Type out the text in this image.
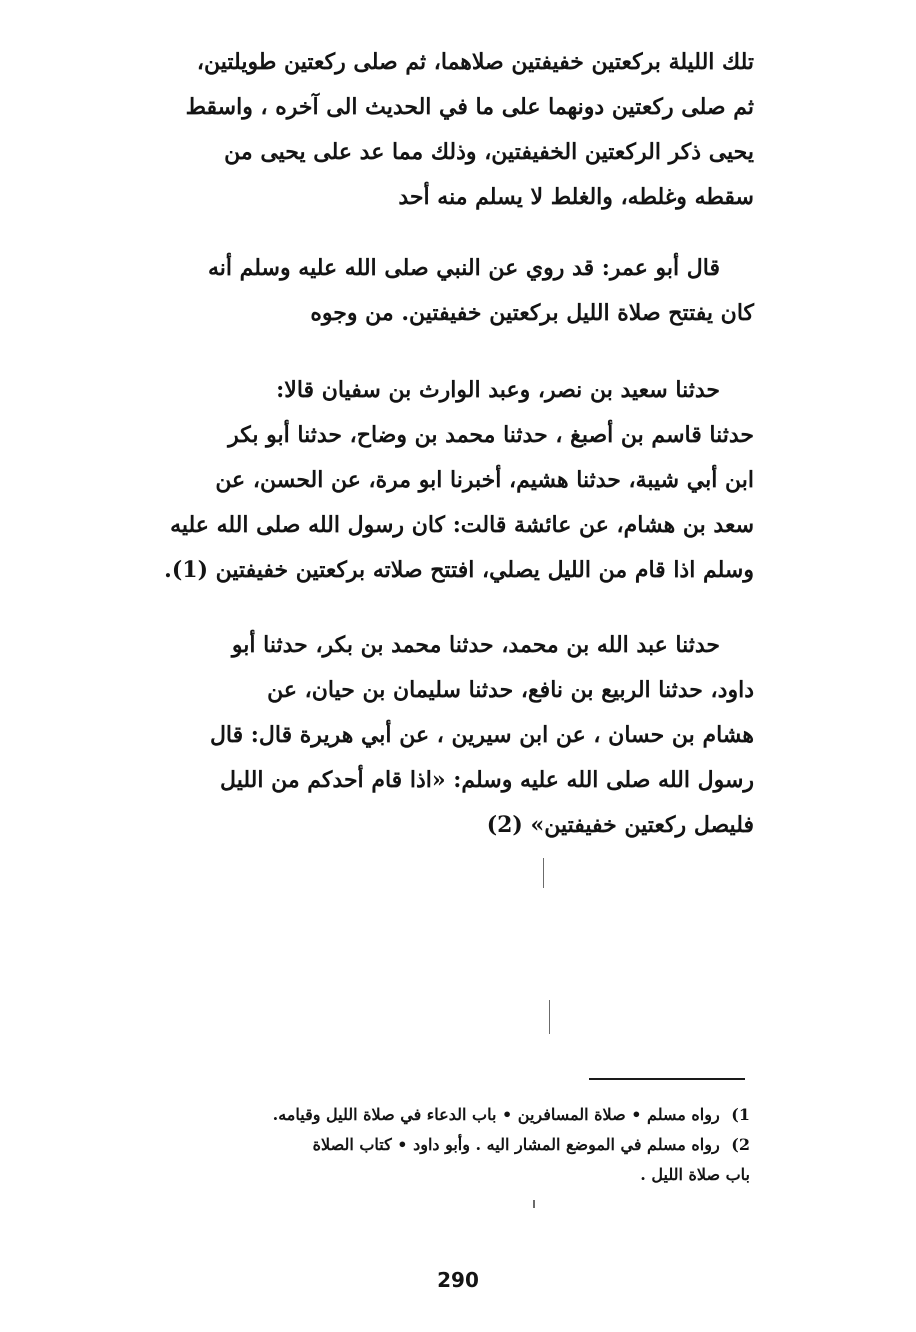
تلك الليلة بركعتين خفيفتين صلاهما، ثم صلى ركعتين طويلتين،
ثم صلى ركعتين دونهما على ما في الحديث الى آخره ، واسقط
يحيى ذكر الركعتين الخفيفتين، وذلك مما عد على يحيى من
سقطه وغلطه، والغلط لا يسلم منه أحد
قال أبو عمر: قد روي عن النبي صلى الله عليه وسلم أنه
كان يفتتح صلاة الليل بركعتين خفيفتين. من وجوه
حدثنا سعيد بن نصر، وعبد الوارث بن سفيان قالا:
حدثنا قاسم بن أصبغ ، حدثنا محمد بن وضاح، حدثنا أبو بكر
ابن أبي شيبة، حدثنا هشيم، أخبرنا ابو مرة، عن الحسن، عن
سعد بن هشام، عن عائشة قالت: كان رسول الله صلى الله عليه
وسلم اذا قام من الليل يصلي، افتتح صلاته بركعتين خفيفتين (1).
حدثنا عبد الله بن محمد، حدثنا محمد بن بكر، حدثنا أبو
داود، حدثنا الربيع بن نافع، حدثنا سليمان بن حيان، عن
هشام بن حسان ، عن ابن سيرين ، عن أبي هريرة قال: قال
رسول الله صلى الله عليه وسلم: «اذا قام أحدكم من الليل
فليصل ركعتين خفيفتين» (2)
1) رواه مسلم • صلاة المسافرين • باب الدعاء في صلاة الليل وقيامه.
2) رواه مسلم في الموضع المشار اليه . وأبو داود • كتاب الصلاة
باب صلاة الليل .
290
